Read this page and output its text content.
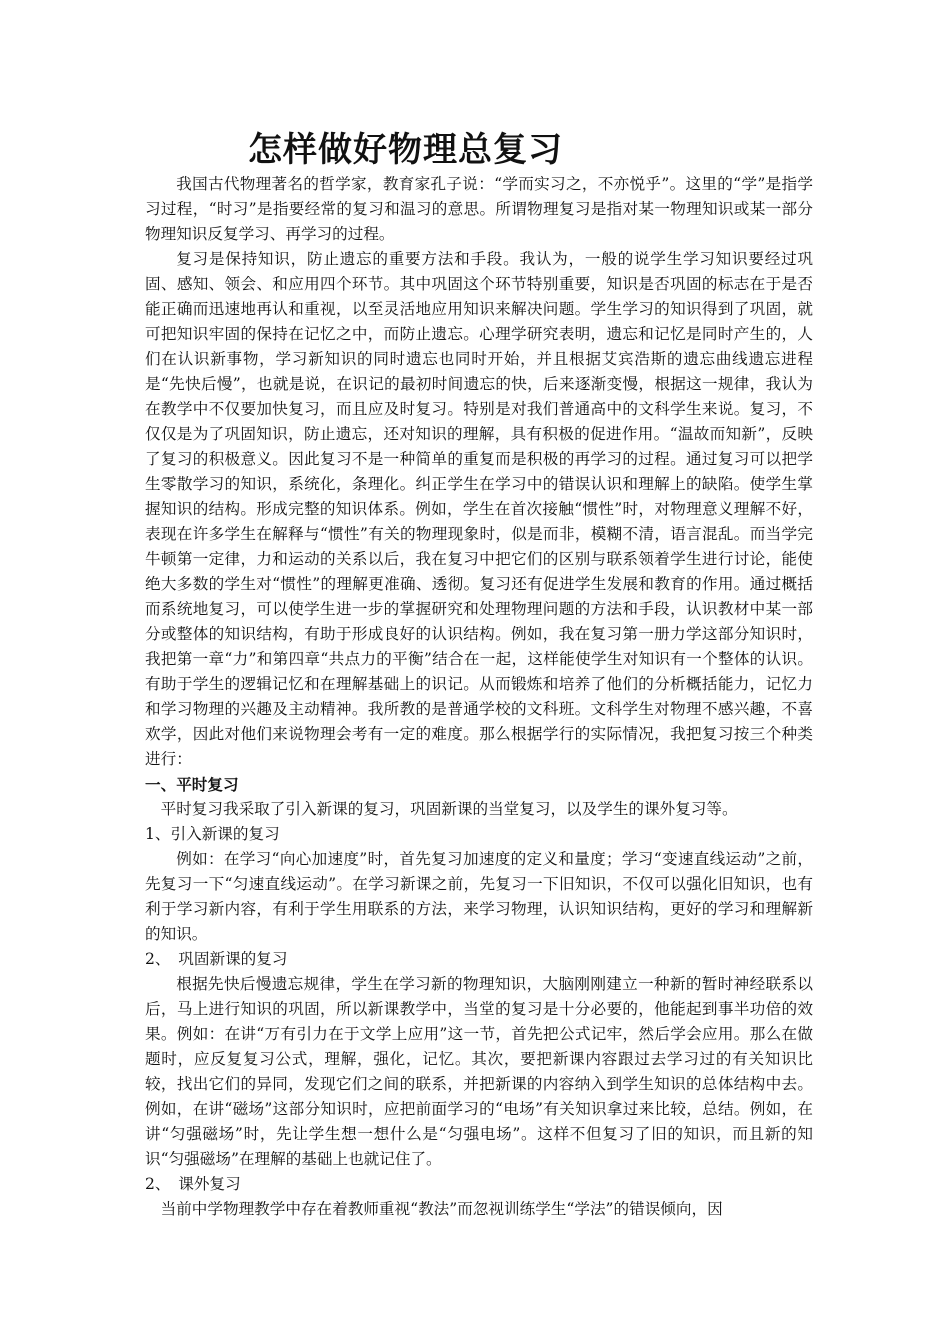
怎样做好物理总复习

我国古代物理著名的哲学家，教育家孔子说：“学而实习之，不亦悦乎”。这里的“学”是指学习过程，“时习”是指要经常的复习和温习的意思。所谓物理复习是指对某一物理知识或某一部分物理知识反复学习、再学习的过程。

复习是保持知识，防止遗忘的重要方法和手段。我认为，一般的说学生学习知识要经过巩固、感知、领会、和应用四个环节。其中巩固这个环节特别重要，知识是否巩固的标志在于是否能正确而迅速地再认和重视，以至灵活地应用知识来解决问题。学生学习的知识得到了巩固，就可把知识牢固的保持在记忆之中，而防止遗忘。心理学研究表明，遗忘和记忆是同时产生的，人们在认识新事物，学习新知识的同时遗忘也同时开始，并且根据艾宾浩斯的遗忘曲线遗忘进程是“先快后慢”，也就是说，在识记的最初时间遗忘的快，后来逐渐变慢，根据这一规律，我认为在教学中不仅要加快复习，而且应及时复习。特别是对我们普通高中的文科学生来说。复习，不仅仅是为了巩固知识，防止遗忘，还对知识的理解，具有积极的促进作用。“温故而知新”，反映了复习的积极意义。因此复习不是一种简单的重复而是积极的再学习的过程。通过复习可以把学生零散学习的知识，系统化，条理化。纠正学生在学习中的错误认识和理解上的缺陷。使学生掌握知识的结构。形成完整的知识体系。例如，学生在首次接触“惯性”时，对物理意义理解不好，表现在许多学生在解释与“惯性”有关的物理现象时，似是而非，模糊不清，语言混乱。而当学完牛顿第一定律，力和运动的关系以后，我在复习中把它们的区别与联系领着学生进行讨论，能使绝大多数的学生对“惯性”的理解更准确、透彻。复习还有促进学生发展和教育的作用。通过概括而系统地复习，可以使学生进一步的掌握研究和处理物理问题的方法和手段，认识教材中某一部分或整体的知识结构，有助于形成良好的认识结构。例如，我在复习第一册力学这部分知识时，我把第一章“力”和第四章“共点力的平衡”结合在一起，这样能使学生对知识有一个整体的认识。有助于学生的逻辑记忆和在理解基础上的识记。从而锻炼和培养了他们的分析概括能力，记忆力和学习物理的兴趣及主动精神。我所教的是普通学校的文科班。文科学生对物理不感兴趣，不喜欢学，因此对他们来说物理会考有一定的难度。那么根据学行的实际情况，我把复习按三个种类进行：

一、平时复习

平时复习我采取了引入新课的复习，巩固新课的当堂复习，以及学生的课外复习等。

1、引入新课的复习

例如：在学习“向心加速度”时，首先复习加速度的定义和量度；学习“变速直线运动”之前，先复习一下“匀速直线运动”。在学习新课之前，先复习一下旧知识，不仅可以强化旧知识，也有利于学习新内容，有利于学生用联系的方法，来学习物理，认识知识结构，更好的学习和理解新的知识。

2、　巩固新课的复习

根据先快后慢遗忘规律，学生在学习新的物理知识，大脑刚刚建立一种新的暂时神经联系以后，马上进行知识的巩固，所以新课教学中，当堂的复习是十分必要的，他能起到事半功倍的效果。例如：在讲“万有引力在于文学上应用”这一节，首先把公式记牢，然后学会应用。那么在做题时，应反复复习公式，理解，强化，记忆。其次，要把新课内容跟过去学习过的有关知识比较，找出它们的异同，发现它们之间的联系，并把新课的内容纳入到学生知识的总体结构中去。例如，在讲“磁场”这部分知识时，应把前面学习的“电场”有关知识拿过来比较，总结。例如，在讲“匀强磁场”时，先让学生想一想什么是“匀强电场”。这样不但复习了旧的知识，而且新的知识“匀强磁场”在理解的基础上也就记住了。

2、　课外复习

当前中学物理教学中存在着教师重视“教法”而忽视训练学生“学法”的错误倾向，因
